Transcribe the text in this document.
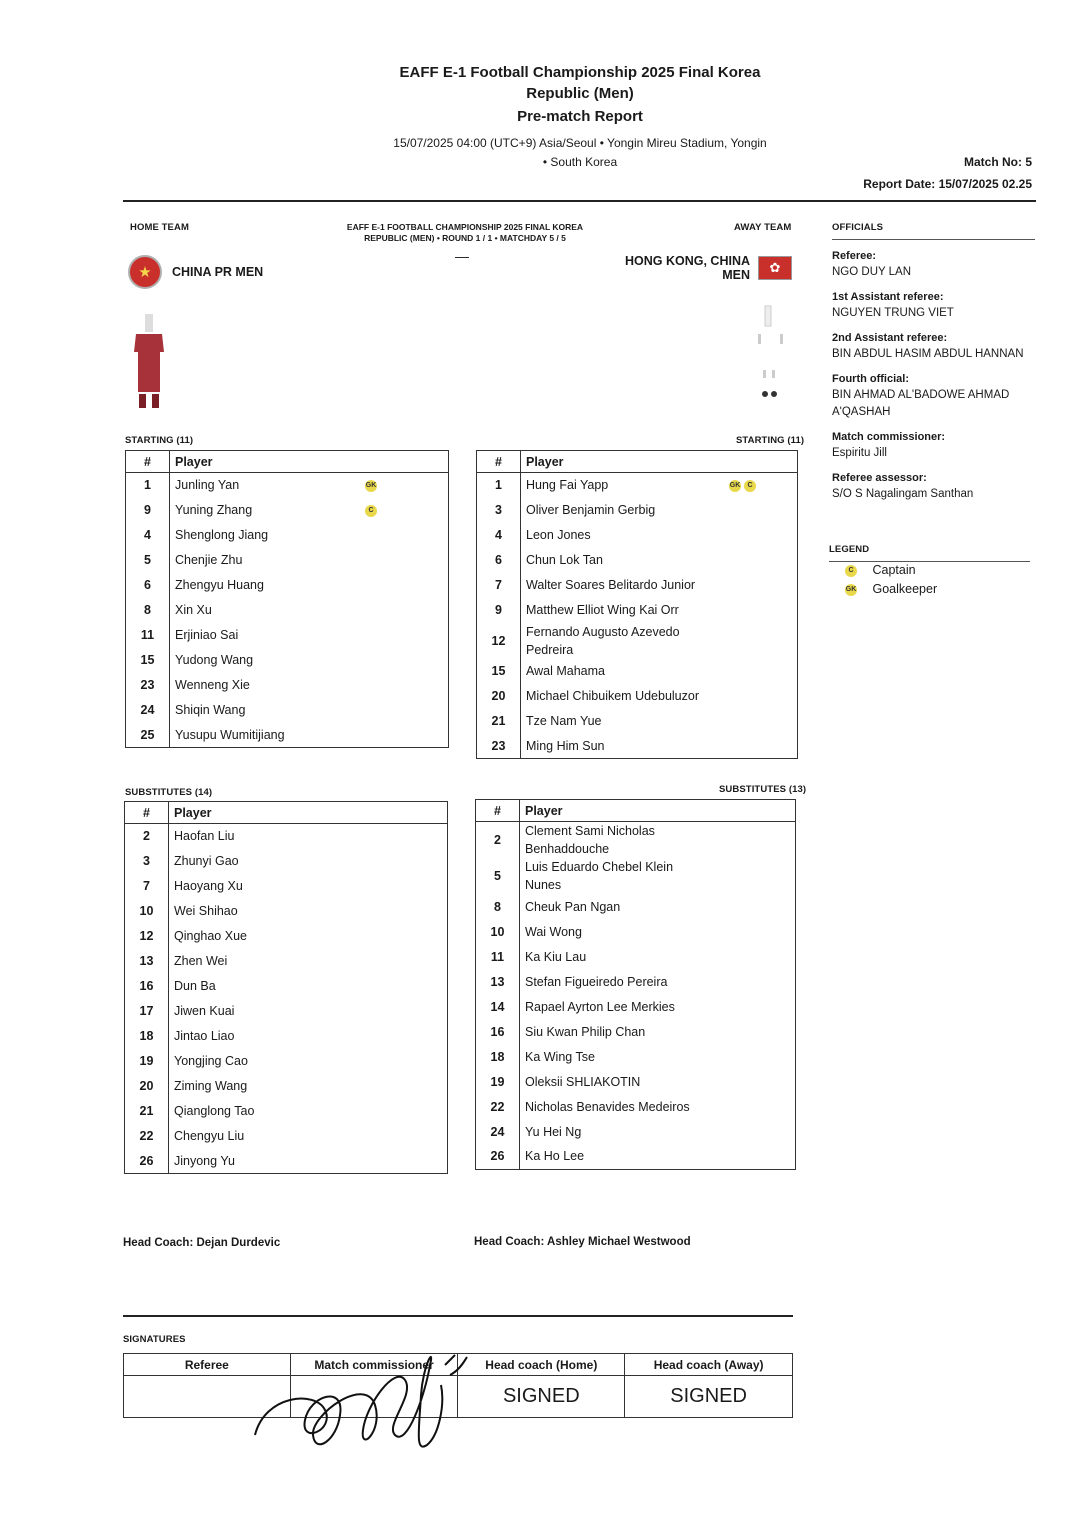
EAFF E-1 Football Championship 2025 Final Korea
Republic (Men)
Pre-match Report
15/07/2025 04:00 (UTC+9) Asia/Seoul • Yongin Mireu Stadium, Yongin
• South Korea	Match No: 5
Report Date: 15/07/2025 02.25
HOME TEAM	AWAY TEAM
EAFF E-1 FOOTBALL CHAMPIONSHIP 2025 FINAL KOREA
REPUBLIC (MEN) • ROUND 1 / 1 • MATCHDAY 5 / 5
—
★	CHINA PR MEN
HONG KONG, CHINA
MEN	✿
STARTING (11)
#	Player
1	Junling Yan GK

9	Yuning Zhang C

4	Shenglong Jiang
5	Chenjie Zhu
6	Zhengyu Huang
8	Xin Xu
11	Erjiniao Sai
15	Yudong Wang
23	Wenneng Xie
24	Shiqin Wang
25	Yusupu Wumitijiang
STARTING (11)
#	Player
1	Hung Fai Yapp GK C

3	Oliver Benjamin Gerbig
4	Leon Jones
6	Chun Lok Tan
7	Walter Soares Belitardo Junior
9	Matthew Elliot Wing Kai Orr
12	Fernando Augusto Azevedo Pedreira
15	Awal Mahama
20	Michael Chibuikem Udebuluzor
21	Tze Nam Yue
23	Ming Him Sun
SUBSTITUTES (14)
#	Player
2	Haofan Liu
3	Zhunyi Gao
7	Haoyang Xu
10	Wei Shihao
12	Qinghao Xue
13	Zhen Wei
16	Dun Ba
17	Jiwen Kuai
18	Jintao Liao
19	Yongjing Cao
20	Ziming Wang
21	Qianglong Tao
22	Chengyu Liu
26	Jinyong Yu
SUBSTITUTES (13)
#	Player
2	Clement Sami Nicholas Benhaddouche
5	Luis Eduardo Chebel Klein Nunes
8	Cheuk Pan Ngan
10	Wai Wong
11	Ka Kiu Lau
13	Stefan Figueiredo Pereira
14	Rapael Ayrton Lee Merkies
16	Siu Kwan Philip Chan
18	Ka Wing Tse
19	Oleksii SHLIAKOTIN
22	Nicholas Benavides Medeiros
24	Yu Hei Ng
26	Ka Ho Lee
Head Coach: Dejan Durdevic	Head Coach: Ashley Michael Westwood
OFFICIALS
Referee:
NGO DUY LAN
1st Assistant referee:
NGUYEN TRUNG VIET
2nd Assistant referee:
BIN ABDUL HASIM ABDUL HANNAN
Fourth official:
BIN AHMAD AL'BADOWE AHMAD A'QASHAH
Match commissioner:
Espiritu Jill
Referee assessor:
S/O S Nagalingam Santhan
LEGEND
C Captain
GK Goalkeeper
SIGNATURES
Referee	Match commissioner	Head coach (Home)	Head coach (Away)
		SIGNED	SIGNED
